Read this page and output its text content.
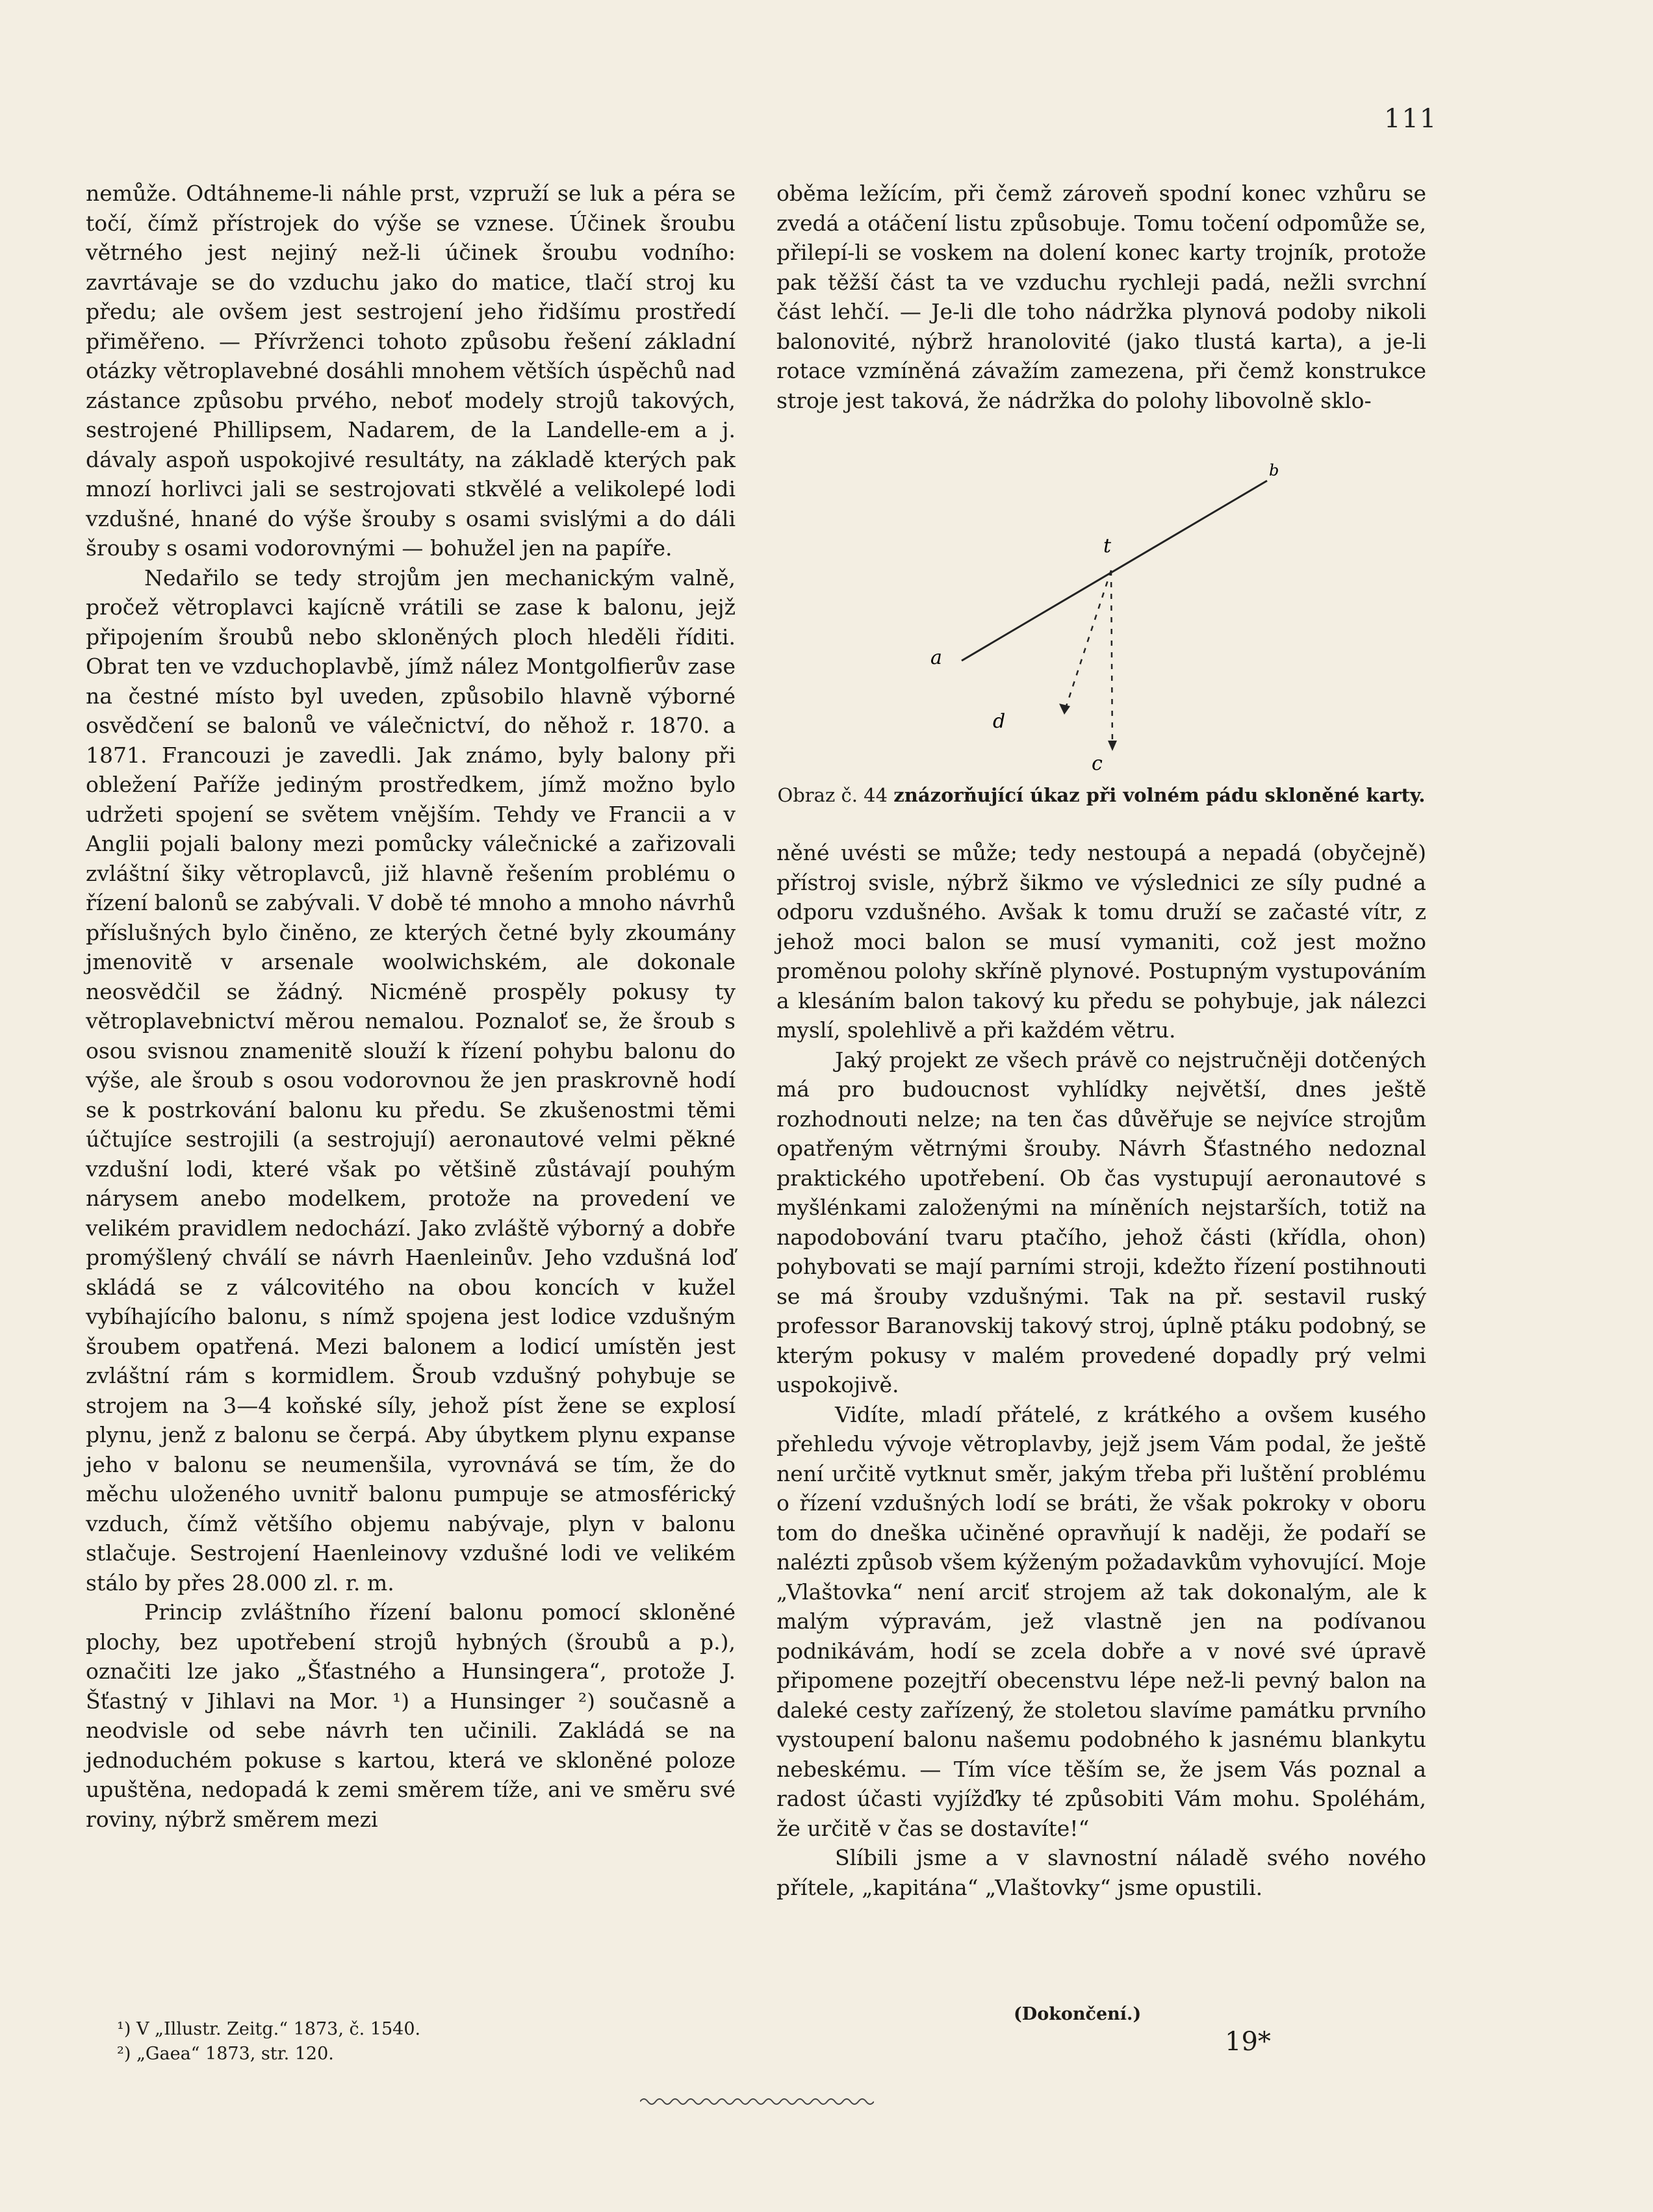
111

nemůže. Odtáhneme-li náhle prst, vzpruží se luk a péra se točí, čímž přístrojek do výše se vznese. Účinek šroubu větrného jest nejiný než-li účinek šroubu vodního: zavrtávaje se do vzduchu jako do matice, tlačí stroj ku předu; ale ovšem jest sestrojení jeho řidšímu prostředí přiměřeno. — Přívrženci tohoto způsobu řešení základní otázky větroplavebné dosáhli mnohem větších úspěchů nad zástance způsobu prvého, neboť modely strojů takových, sestrojené Phillipsem, Nadarem, de la Landelle-em a j. dávaly aspoň uspokojivé resultáty, na základě kterých pak mnozí horlivci jali se sestrojovati stkvělé a velikolepé lodi vzdušné, hnané do výše šrouby s osami svislými a do dáli šrouby s osami vodorovnými — bohužel jen na papíře.

Nedařilo se tedy strojům jen mechanickým valně, pročež větroplavci kajícně vrátili se zase k balonu, jejž připojením šroubů nebo skloněných ploch hleděli říditi. Obrat ten ve vzduchoplavbě, jímž nález Montgolfierův zase na čestné místo byl uveden, způsobilo hlavně výborné osvědčení se balonů ve válečnictví, do něhož r. 1870. a 1871. Francouzi je zavedli. Jak známo, byly balony při obležení Paříže jediným prostředkem, jímž možno bylo udržeti spojení se světem vnějším. Tehdy ve Francii a v Anglii pojali balony mezi pomůcky válečnické a zařizovali zvláštní šiky větroplavců, již hlavně řešením problému o řízení balonů se zabývali. V době té mnoho a mnoho návrhů příslušných bylo činěno, ze kterých četné byly zkoumány jmenovitě v arsenale woolwichském, ale dokonale neosvědčil se žádný. Nicméně prospěly pokusy ty větroplavebnictví měrou nemalou. Poznaloť se, že šroub s osou svisnou znamenitě slouží k řízení pohybu balonu do výše, ale šroub s osou vodorovnou že jen praskrovně hodí se k postrkování balonu ku předu. Se zkušenostmi těmi účtujíce sestrojili (a sestrojují) aeronautové velmi pěkné vzdušní lodi, které však po většině zůstávají pouhým nárysem anebo modelkem, protože na provedení ve velikém pravidlem nedochází. Jako zvláště výborný a dobře promýšlený chválí se návrh Haenleinův. Jeho vzdušná loď skládá se z válcovitého na obou koncích v kužel vybíhajícího balonu, s nímž spojena jest lodice vzdušným šroubem opatřená. Mezi balonem a lodicí umístěn jest zvláštní rám s kormidlem. Šroub vzdušný pohybuje se strojem na 3—4 koňské síly, jehož píst žene se explosí plynu, jenž z balonu se čerpá. Aby úbytkem plynu expanse jeho v balonu se neumenšila, vyrovnává se tím, že do měchu uloženého uvnitř balonu pumpuje se atmosférický vzduch, čímž většího objemu nabývaje, plyn v balonu stlačuje. Sestrojení Haenleinovy vzdušné lodi ve velikém stálo by přes 28.000 zl. r. m.

Princip zvláštního řízení balonu pomocí skloněné plochy, bez upotřebení strojů hybných (šroubů a p.), označiti lze jako „Šťastného a Hunsingera“, protože J. Šťastný v Jihlavi na Mor. ¹) a Hunsinger ²) současně a neodvisle od sebe návrh ten učinili. Zakládá se na jednoduchém pokuse s kartou, která ve skloněné poloze upuštěna, nedopadá k zemi směrem tíže, ani ve směru své roviny, nýbrž směrem mezi

¹) V „Illustr. Zeitg.“ 1873, č. 1540.
²) „Gaea“ 1873, str. 120.

oběma ležícím, při čemž zároveň spodní konec vzhůru se zvedá a otáčení listu způsobuje. Tomu točení odpomůže se, přilepí-li se voskem na dolení konec karty trojník, protože pak těžší část ta ve vzduchu rychleji padá, nežli svrchní část lehčí. — Je-li dle toho nádržka plynová podoby nikoli balonovité, nýbrž hranolovité (jako tlustá karta), a je-li rotace vzmíněná závažím zamezena, při čemž konstrukce stroje jest taková, že nádržka do polohy libovolně sklo-

a
b
t
d
c
Obraz č. 44 znázorňující úkaz při volném pádu skloněné karty.

něné uvésti se může; tedy nestoupá a nepadá (obyčejně) přístroj svisle, nýbrž šikmo ve výslednici ze síly pudné a odporu vzdušného. Avšak k tomu druží se začasté vítr, z jehož moci balon se musí vymaniti, což jest možno proměnou polohy skříně plynové. Postupným vystupováním a klesáním balon takový ku předu se pohybuje, jak nálezci myslí, spolehlivě a při každém větru.

Jaký projekt ze všech právě co nejstručněji dotčených má pro budoucnost vyhlídky největší, dnes ještě rozhodnouti nelze; na ten čas důvěřuje se nejvíce strojům opatřeným větrnými šrouby. Návrh Šťastného nedoznal praktického upotřebení. Ob čas vystupují aeronautové s myšlénkami založenými na míněních nejstarších, totiž na napodobování tvaru ptačího, jehož části (křídla, ohon) pohybovati se mají parními stroji, kdežto řízení postihnouti se má šrouby vzdušnými. Tak na př. sestavil ruský professor Baranovskij takový stroj, úplně ptáku podobný, se kterým pokusy v malém provedené dopadly prý velmi uspokojivě.

Vidíte, mladí přátelé, z krátkého a ovšem kusého přehledu vývoje větroplavby, jejž jsem Vám podal, že ještě není určitě vytknut směr, jakým třeba při luštění problému o řízení vzdušných lodí se bráti, že však pokroky v oboru tom do dneška učiněné opravňují k naději, že podaří se nalézti způsob všem kýženým požadavkům vyhovující. Moje „Vlaštovka“ není arciť strojem až tak dokonalým, ale k malým výpravám, jež vlastně jen na podívanou podnikávám, hodí se zcela dobře a v nové své úpravě připomene pozejtří obecenstvu lépe než-li pevný balon na daleké cesty zařízený, že stoletou slavíme památku prvního vystoupení balonu našemu podobného k jasnému blankytu nebeskému. — Tím více těším se, že jsem Vás poznal a radost účasti vyjížďky té způsobiti Vám mohu. Spoléhám, že určitě v čas se dostavíte!“

Slíbili jsme a v slavnostní náladě svého nového přítele, „kapitána“ „Vlaštovky“ jsme opustili.

(Dokončení.)
19*
